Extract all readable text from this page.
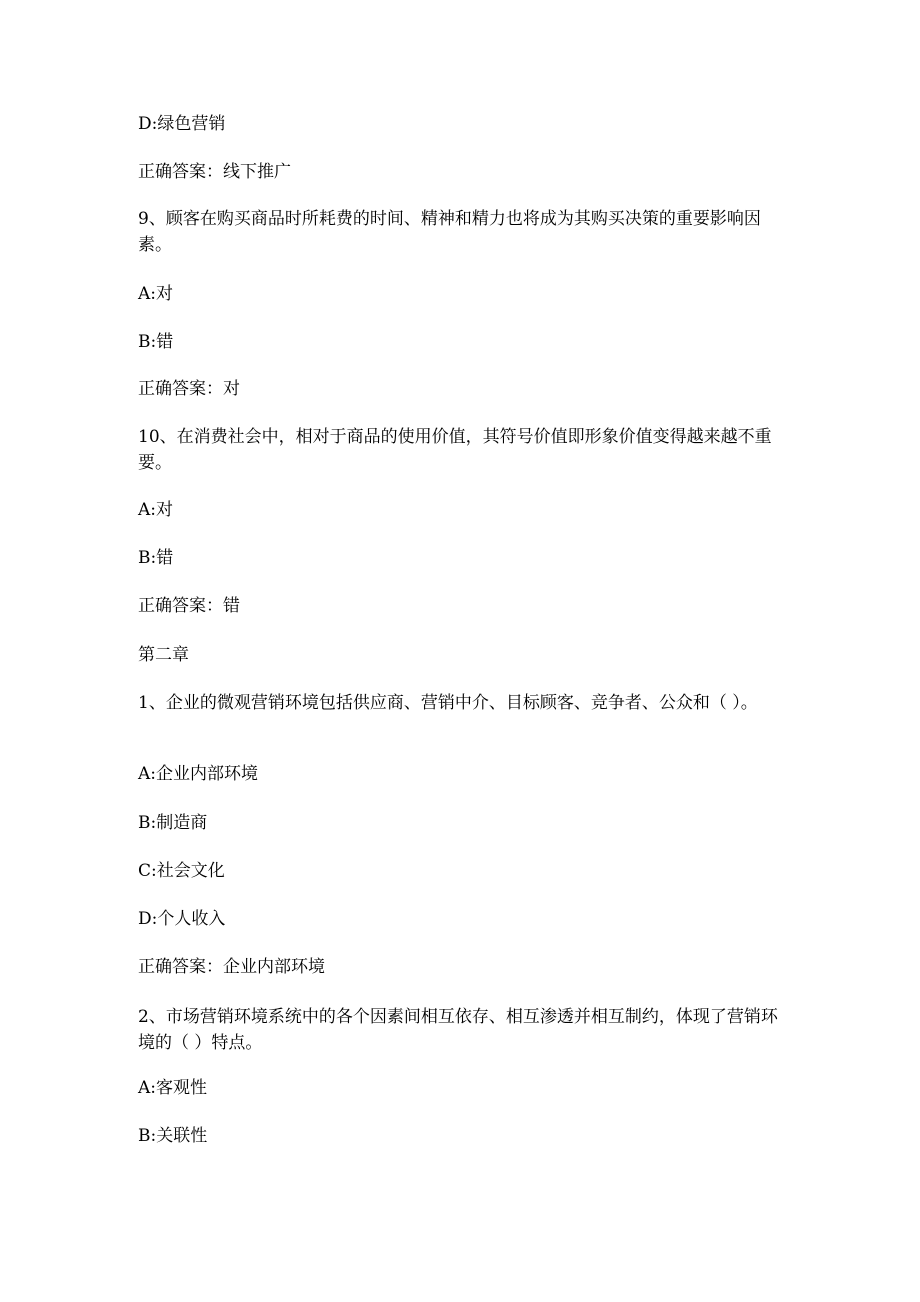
D:绿色营销
正确答案：线下推广
9、顾客在购买商品时所耗费的时间、精神和精力也将成为其购买决策的重要影响因素。
A:对
B:错
正确答案：对
10、在消费社会中，相对于商品的使用价值，其符号价值即形象价值变得越来越不重要。
A:对
B:错
正确答案：错
第二章
1、企业的微观营销环境包括供应商、营销中介、目标顾客、竞争者、公众和（ ）。
A:企业内部环境
B:制造商
C:社会文化
D:个人收入
正确答案：企业内部环境
2、市场营销环境系统中的各个因素间相互依存、相互渗透并相互制约，体现了营销环境的（ ）特点。
A:客观性
B:关联性
